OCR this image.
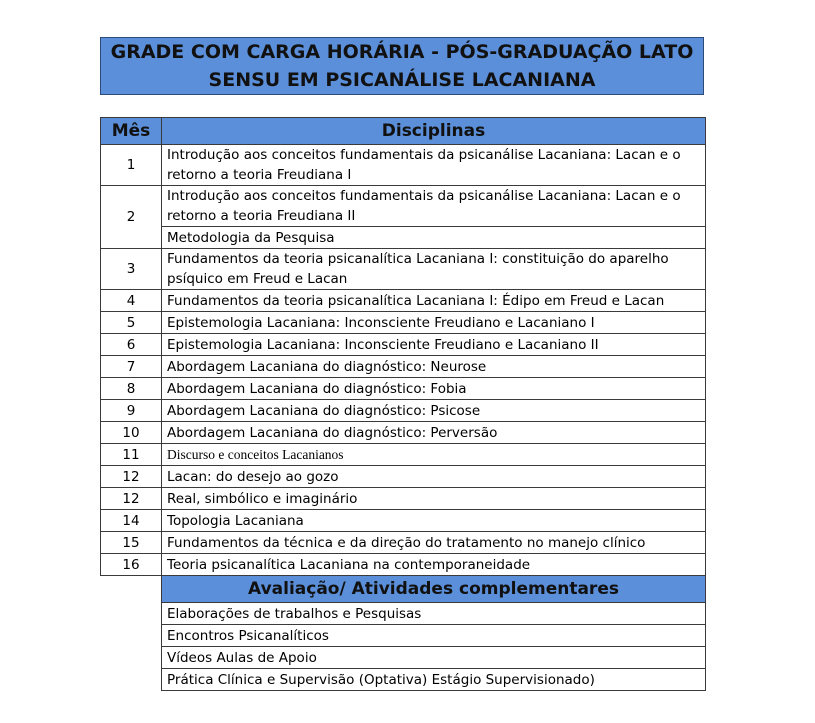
GRADE COM CARGA HORÁRIA - PÓS-GRADUAÇÃO LATO
SENSU EM PSICANÁLISE LACANIANA
Mês	Disciplinas
1	Introdução aos conceitos fundamentais da psicanálise Lacaniana: Lacan e o retorno a teoria Freudiana I
2	Introdução aos conceitos fundamentais da psicanálise Lacaniana: Lacan e o retorno a teoria Freudiana II
	Metodologia da Pesquisa
3	Fundamentos da teoria psicanalítica Lacaniana I: constituição do aparelho psíquico em Freud e Lacan
4	Fundamentos da teoria psicanalítica Lacaniana I: Édipo em Freud e Lacan
5	Epistemologia Lacaniana: Inconsciente Freudiano e Lacaniano I
6	Epistemologia Lacaniana: Inconsciente Freudiano e Lacaniano II
7	Abordagem Lacaniana do diagnóstico: Neurose
8	Abordagem Lacaniana do diagnóstico: Fobia
9	Abordagem Lacaniana do diagnóstico: Psicose
10	Abordagem Lacaniana do diagnóstico: Perversão
11	Discurso e conceitos Lacanianos
12	Lacan: do desejo ao gozo
12	Real, simbólico e imaginário
14	Topologia Lacaniana
15	Fundamentos da técnica e da direção do tratamento no manejo clínico
16	Teoria psicanalítica Lacaniana na contemporaneidade
	Avaliação/ Atividades complementares
	Elaborações de trabalhos e Pesquisas
	Encontros Psicanalíticos
	Vídeos Aulas de Apoio
	Prática Clínica e Supervisão (Optativa) Estágio Supervisionado)
